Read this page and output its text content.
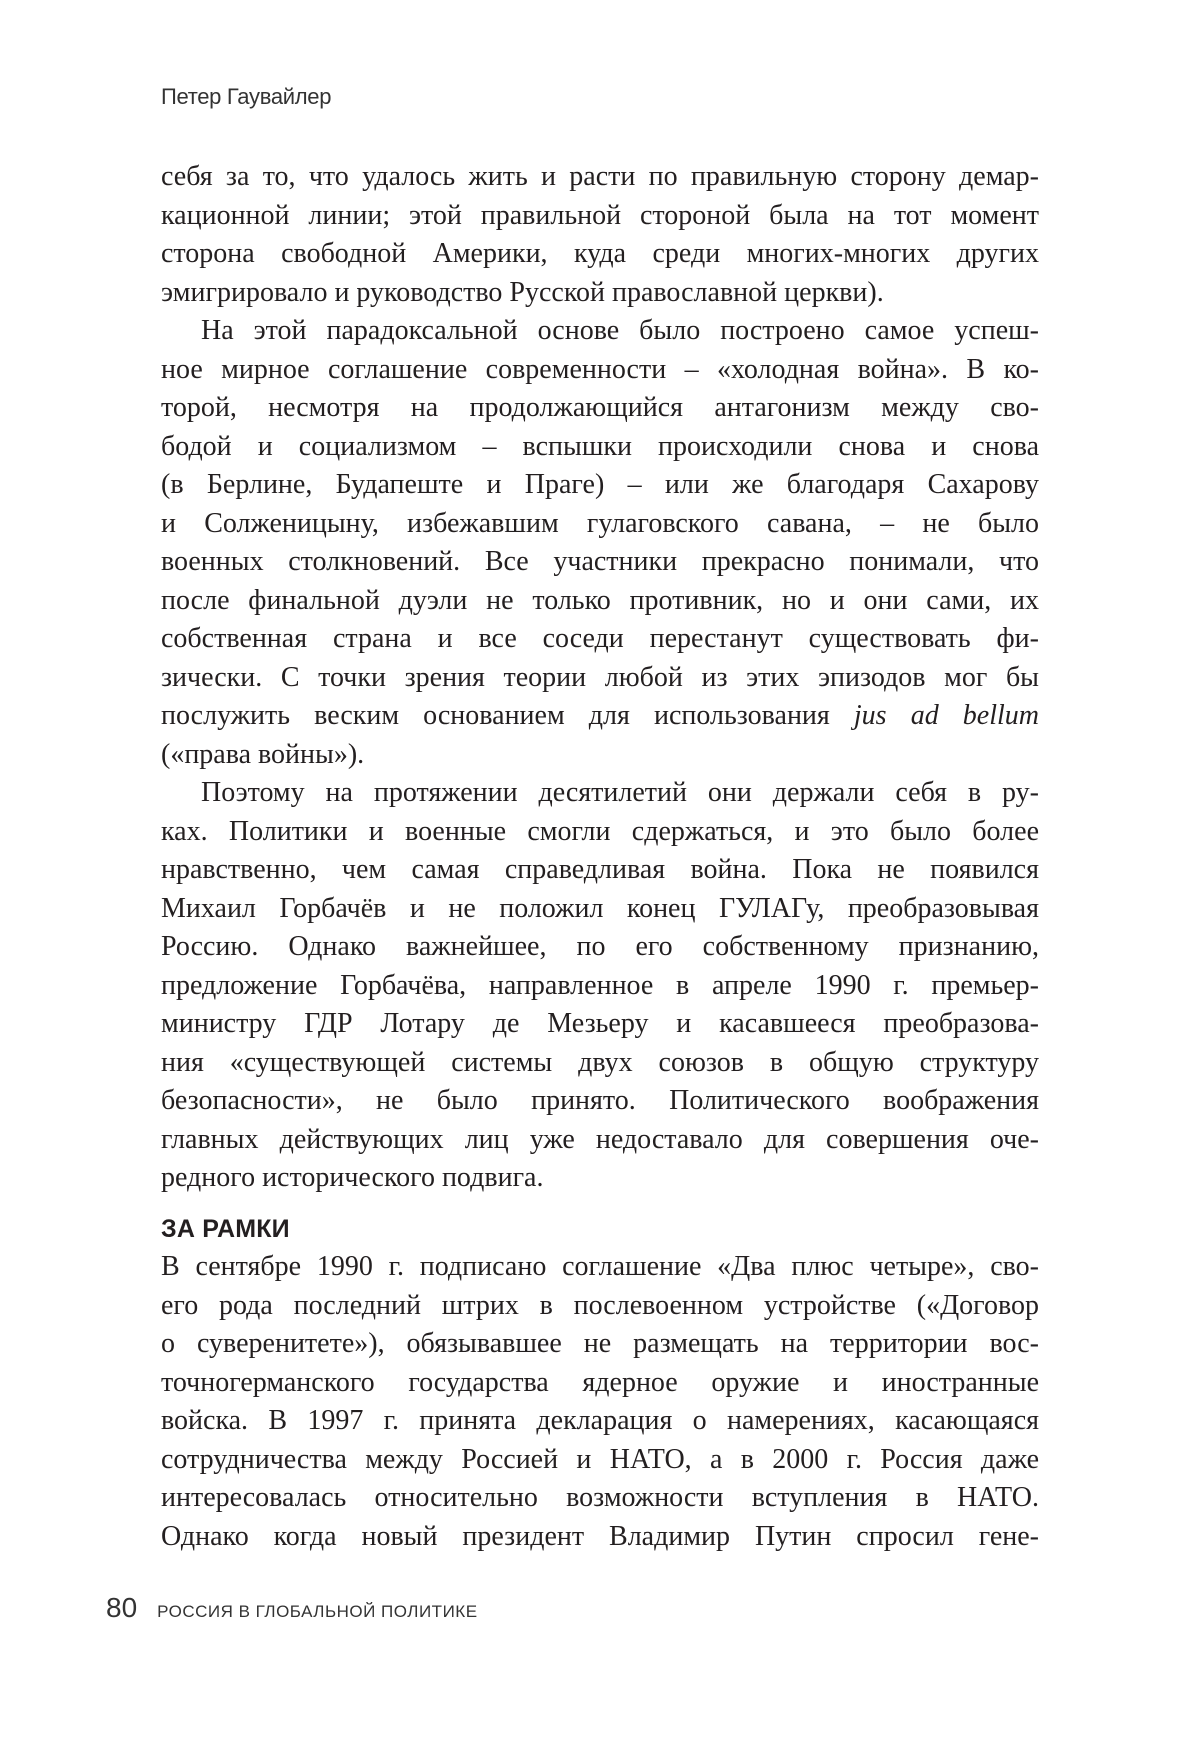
Петер Гаувайлер
себя за то, что удалось жить и расти по правильную сторону демар-
кационной линии; этой правильной стороной была на тот момент
сторона свободной Америки, куда среди многих-многих других
эмигрировало и руководство Русской православной церкви).
На этой парадоксальной основе было построено самое успеш-
ное мирное соглашение современности – «холодная война». В ко-
торой, несмотря на продолжающийся антагонизм между сво-
бодой и социализмом – вспышки происходили снова и снова
(в Берлине, Будапеште и Праге) – или же благодаря Сахарову
и Солженицыну, избежавшим гулаговского савана, – не было
военных столкновений. Все участники прекрасно понимали, что
после финальной дуэли не только противник, но и они сами, их
собственная страна и все соседи перестанут существовать фи-
зически. С точки зрения теории любой из этих эпизодов мог бы
послужить веским основанием для использования jus ad bellum
(«права войны»).
Поэтому на протяжении десятилетий они держали себя в ру-
ках. Политики и военные смогли сдержаться, и это было более
нравственно, чем самая справедливая война. Пока не появился
Михаил Горбачёв и не положил конец ГУЛАГу, преобразовывая
Россию. Однако важнейшее, по его собственному признанию,
предложение Горбачёва, направленное в апреле 1990 г. премьер-
министру ГДР Лотару де Мезьеру и касавшееся преобразова-
ния «существующей системы двух союзов в общую структуру
безопасности», не было принято. Политического воображения
главных действующих лиц уже недоставало для совершения оче-
редного исторического подвига.
ЗА РАМКИ
В сентябре 1990 г. подписано соглашение «Два плюс четыре», сво-
его рода последний штрих в послевоенном устройстве («Договор
о суверенитете»), обязывавшее не размещать на территории вос-
точногерманского государства ядерное оружие и иностранные
войска. В 1997 г. принята декларация о намерениях, касающаяся
сотрудничества между Россией и НАТО, а в 2000 г. Россия даже
интересовалась относительно возможности вступления в НАТО.
Однако когда новый президент Владимир Путин спросил гене-
80 РОССИЯ В ГЛОБАЛЬНОЙ ПОЛИТИКЕ
